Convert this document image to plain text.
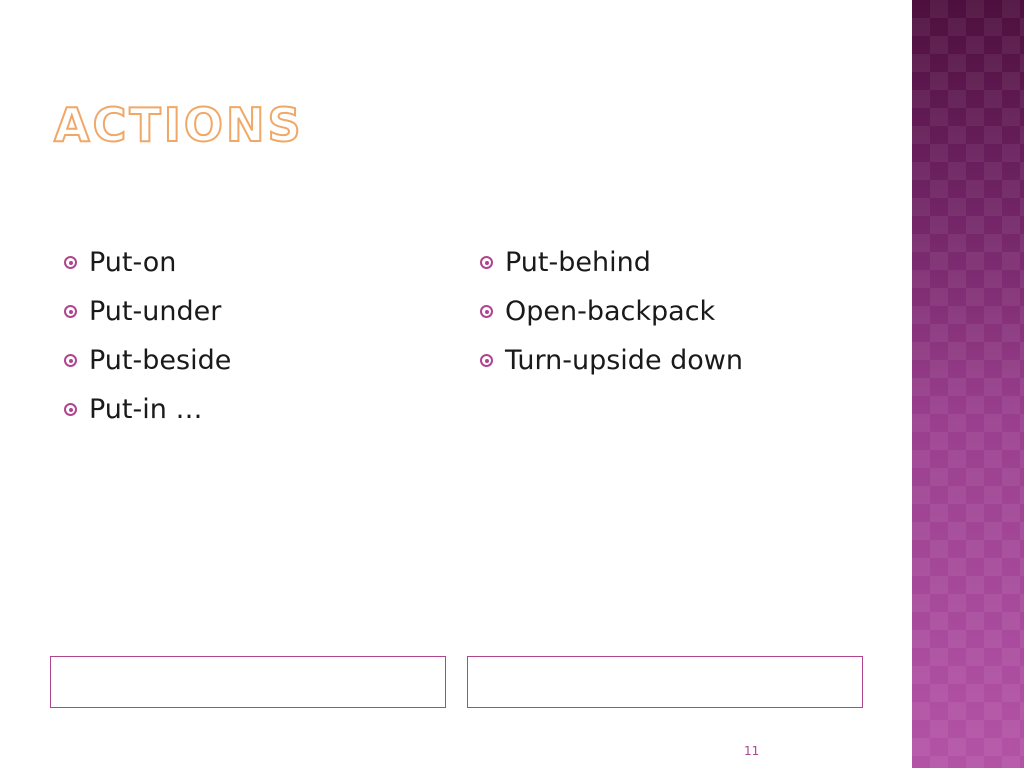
ACTIONS
Put-on
Put-under
Put-beside
Put-in …
Put-behind
Open-backpack
Turn-upside down
11
